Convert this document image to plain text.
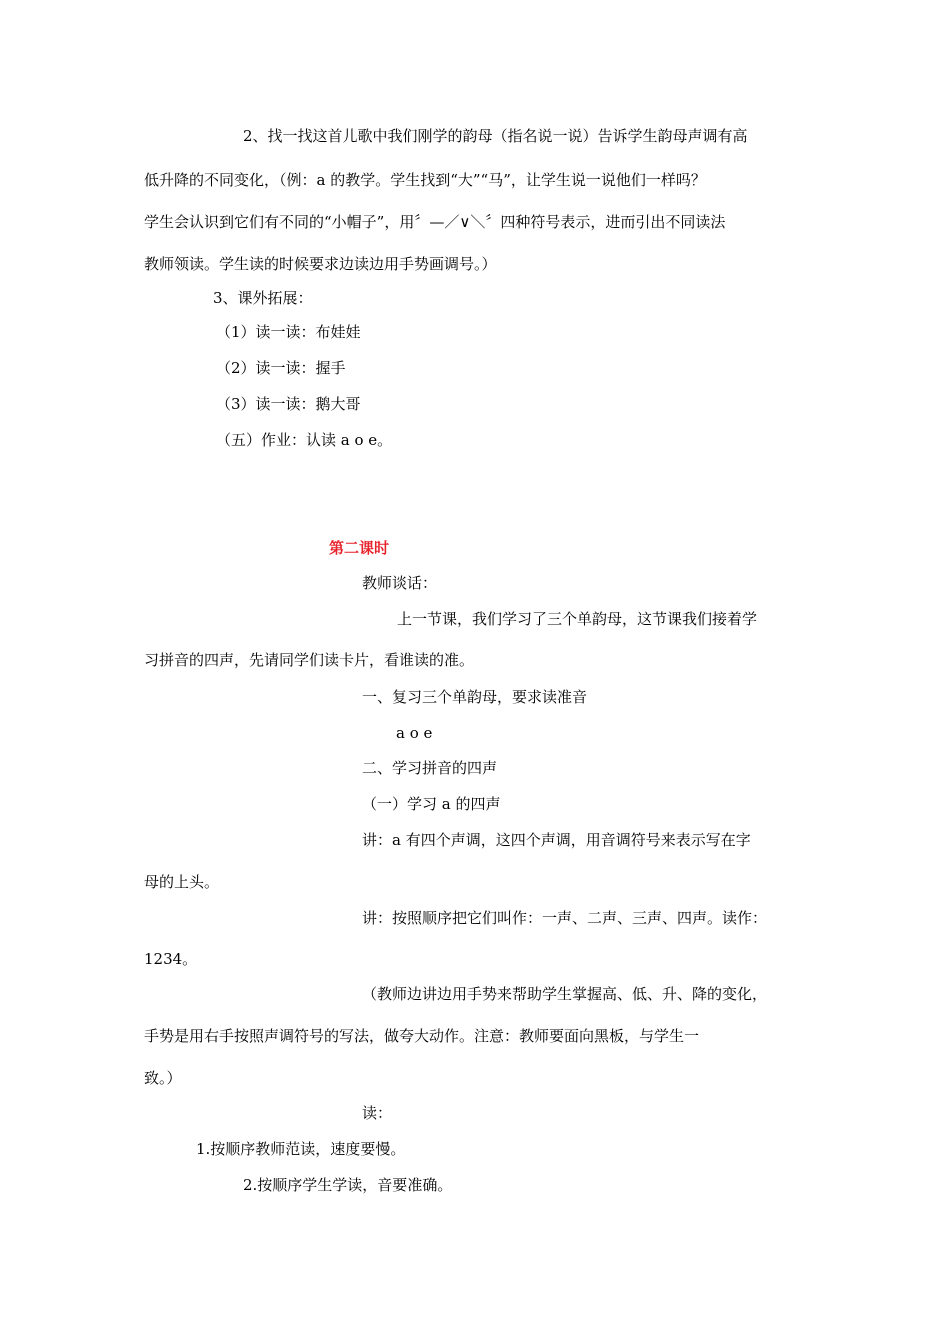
2、找一找这首儿歌中我们刚学的韵母（指名说一说）告诉学生韵母声调有高
低升降的不同变化，（例：a 的教学。学生找到“大”“马”，让学生说一说他们一样吗？
学生会认识到它们有不同的“小帽子”，用〞—／∨＼〞四种符号表示，进而引出不同读法
教师领读。学生读的时候要求边读边用手势画调号。）
3、课外拓展：
（1）读一读：布娃娃
（2）读一读：握手
（3）读一读：鹅大哥
（五）作业：认读 a o e。
第二课时
教师谈话：
上一节课，我们学习了三个单韵母，这节课我们接着学
习拼音的四声，先请同学们读卡片，看谁读的准。
一、复习三个单韵母，要求读准音
a o e
二、学习拼音的四声
（一）学习 a 的四声
讲：a 有四个声调，这四个声调，用音调符号来表示写在字
母的上头。
讲：按照顺序把它们叫作：一声、二声、三声、四声。读作：
1234。
（教师边讲边用手势来帮助学生掌握高、低、升、降的变化，
手势是用右手按照声调符号的写法，做夸大动作。注意：教师要面向黑板，与学生一
致。）
读：
1.按顺序教师范读，速度要慢。
2.按顺序学生学读，音要准确。
